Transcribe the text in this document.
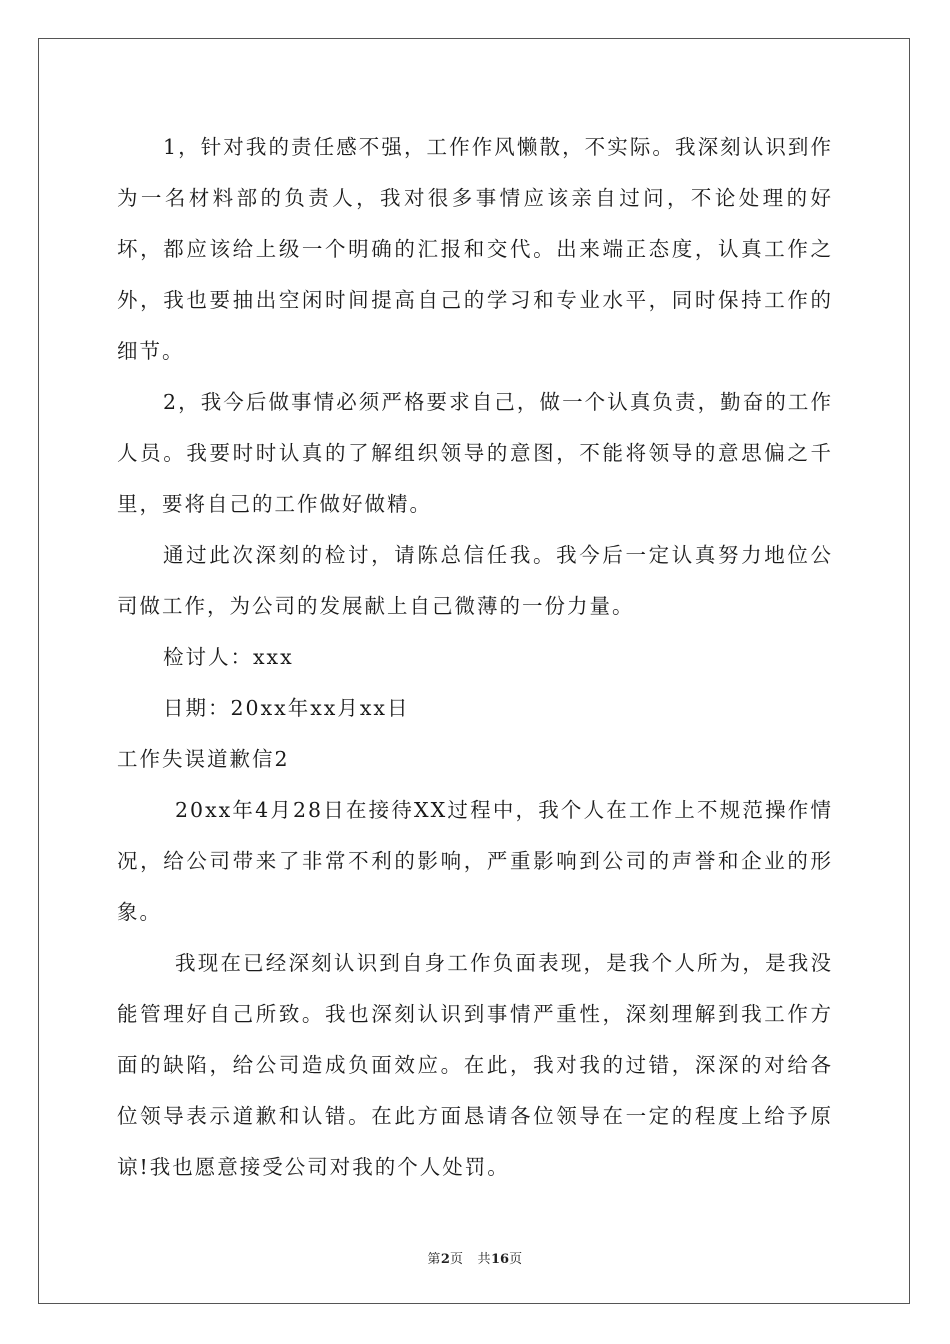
1，针对我的责任感不强，工作作风懒散，不实际。我深刻认识到作为一名材料部的负责人，我对很多事情应该亲自过问，不论处理的好坏，都应该给上级一个明确的汇报和交代。出来端正态度，认真工作之外，我也要抽出空闲时间提高自己的学习和专业水平，同时保持工作的细节。

2，我今后做事情必须严格要求自己，做一个认真负责，勤奋的工作人员。我要时时认真的了解组织领导的意图，不能将领导的意思偏之千里，要将自己的工作做好做精。

通过此次深刻的检讨，请陈总信任我。我今后一定认真努力地位公司做工作，为公司的发展献上自己微薄的一份力量。

检讨人：xxx

日期：20xx年xx月xx日

工作失误道歉信2

20xx年4月28日在接待XX过程中，我个人在工作上不规范操作情况，给公司带来了非常不利的影响，严重影响到公司的声誉和企业的形象。

我现在已经深刻认识到自身工作负面表现，是我个人所为，是我没能管理好自己所致。我也深刻认识到事情严重性，深刻理解到我工作方面的缺陷，给公司造成负面效应。在此，我对我的过错，深深的对给各位领导表示道歉和认错。在此方面恳请各位领导在一定的程度上给予原谅!我也愿意接受公司对我的个人处罚。

第2页 共16页
